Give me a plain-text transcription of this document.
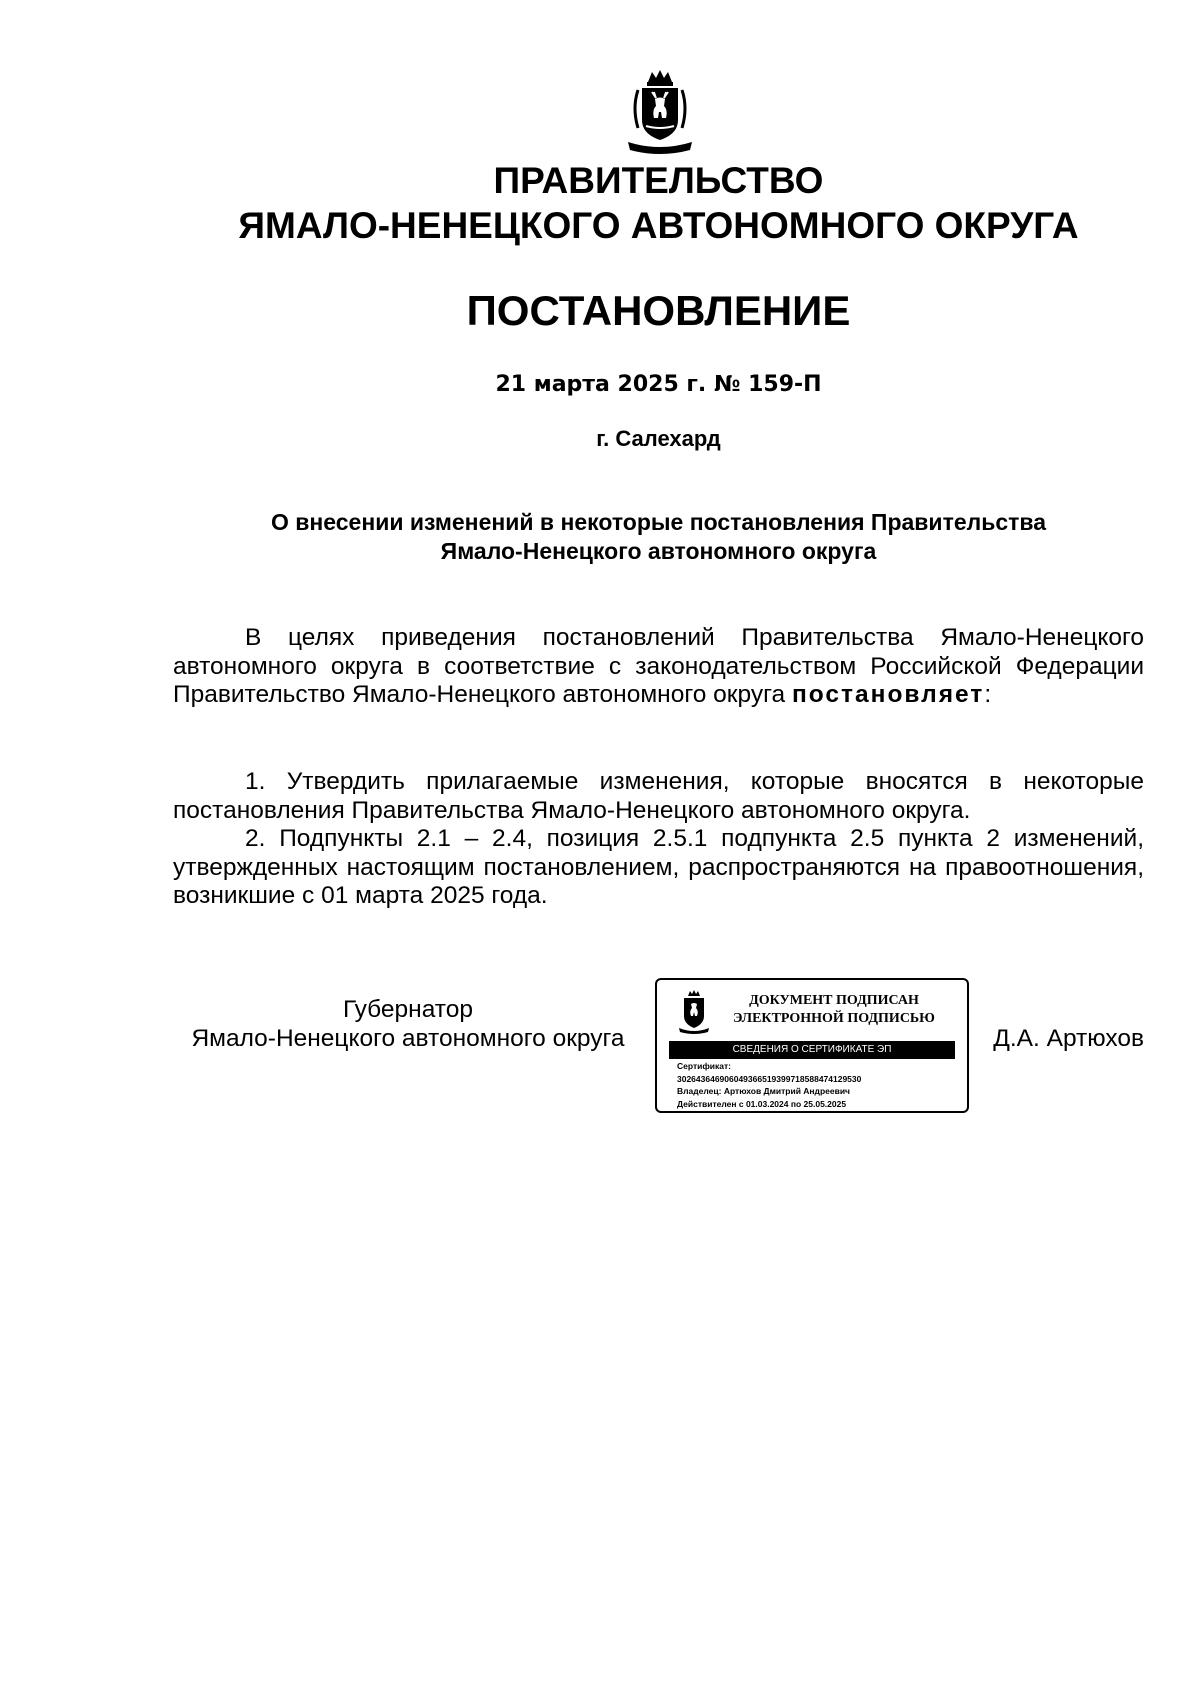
ПРАВИТЕЛЬСТВО
ЯМАЛО-НЕНЕЦКОГО АВТОНОМНОГО ОКРУГА
ПОСТАНОВЛЕНИЕ
21 марта 2025 г. № 159-П
г. Салехард
О внесении изменений в некоторые постановления Правительства
Ямало-Ненецкого автономного округа

В целях приведения постановлений Правительства Ямало-Ненецкого автономного округа в соответствие с законодательством Российской Федерации Правительство Ямало-Ненецкого автономного округа постановляет:

1. Утвердить прилагаемые изменения, которые вносятся в некоторые постановления Правительства Ямало-Ненецкого автономного округа.

2. Подпункты 2.1 – 2.4, позиция 2.5.1 подпункта 2.5 пункта 2 изменений, утвержденных настоящим постановлением, распространяются на правоотношения, возникшие с 01 марта 2025 года.

Губернатор
Ямало-Ненецкого автономного округа
ДОКУМЕНТ ПОДПИСАН
ЭЛЕКТРОННОЙ ПОДПИСЬЮ
СВЕДЕНИЯ О СЕРТИФИКАТЕ ЭП
Сертификат:
3026436469060493665193997185884741295​30
Владелец: Артюхов Дмитрий Андреевич
Действителен с 01.03.2024 по 25.05.2025
Д.А. Артюхов
